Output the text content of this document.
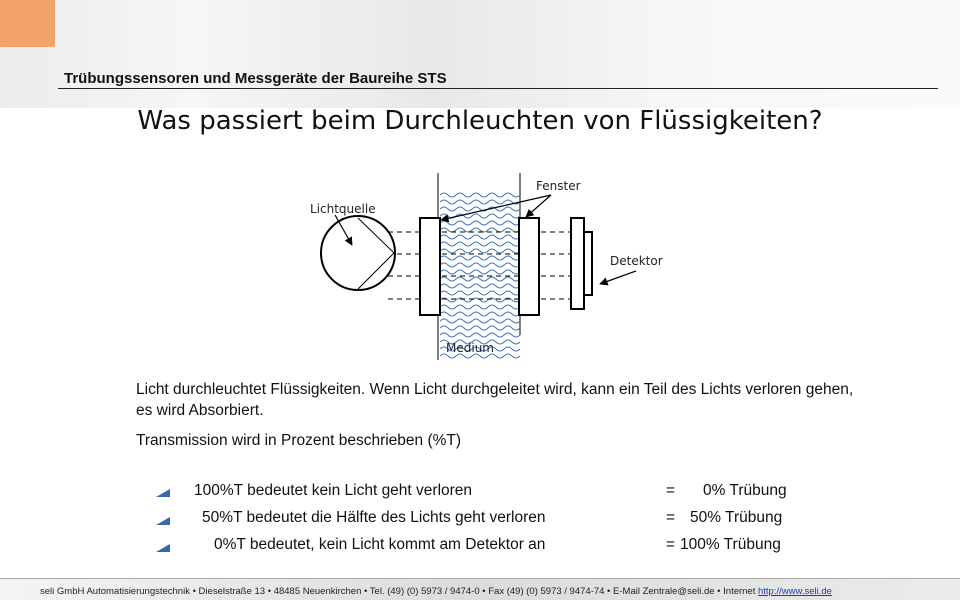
Trübungssensoren und Messgeräte der Baureihe STS
Was passiert beim Durchleuchten von Flüssigkeiten?
Lichtquelle
Fenster
Detektor
Medium
Licht durchleuchtet Flüssigkeiten. Wenn Licht durchgeleitet wird, kann ein Teil des Lichts verloren gehen, es wird Absorbiert.
Transmission wird in Prozent beschrieben (%T)
100%T bedeutet kein Licht geht verloren	= 0% Trübung
50%T bedeutet die Hälfte des Lichts geht verloren	= 50% Trübung
0%T bedeutet, kein Licht kommt am Detektor an	= 100% Trübung
seli GmbH Automatisierungstechnik • Dieselstraße 13 • 48485 Neuenkirchen • Tel. (49) (0) 5973 / 9474-0 • Fax (49) (0) 5973 / 9474-74 • E-Mail Zentrale@seli.de • Internet http://www.seli.de
